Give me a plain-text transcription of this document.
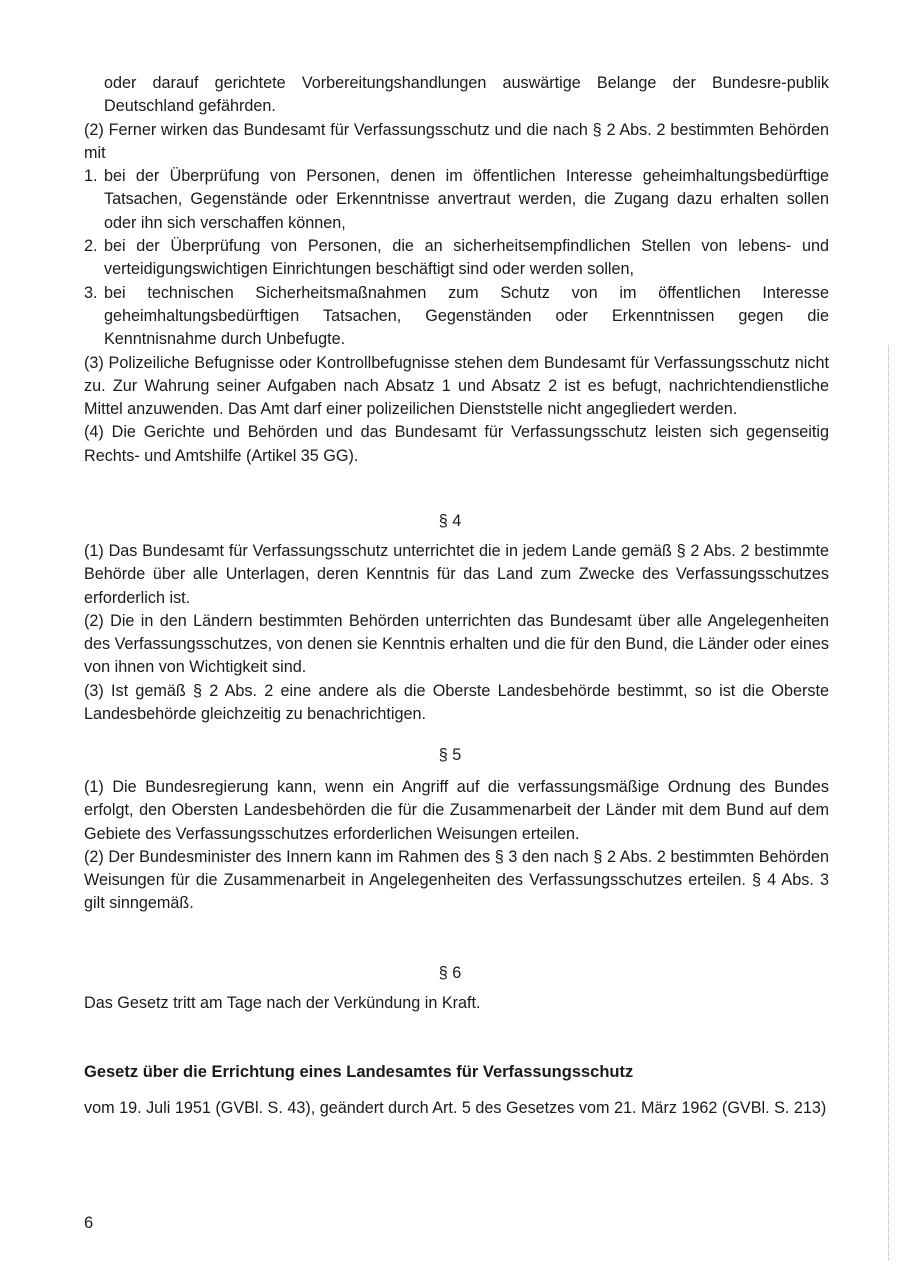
oder darauf gerichtete Vorbereitungshandlungen auswärtige Belange der Bundesre-publik Deutschland gefährden.

(2) Ferner wirken das Bundesamt für Verfassungsschutz und die nach § 2 Abs. 2 bestimmten Behörden mit

1. bei der Überprüfung von Personen, denen im öffentlichen Interesse geheimhaltungsbedürftige Tatsachen, Gegenstände oder Erkenntnisse anvertraut werden, die Zugang dazu erhalten sollen oder ihn sich verschaffen können,
2. bei der Überprüfung von Personen, die an sicherheitsempfindlichen Stellen von lebens- und verteidigungswichtigen Einrichtungen beschäftigt sind oder werden sollen,
3. bei technischen Sicherheitsmaßnahmen zum Schutz von im öffentlichen Interesse geheimhaltungsbedürftigen Tatsachen, Gegenständen oder Erkenntnissen gegen die Kenntnisnahme durch Unbefugte.

(3) Polizeiliche Befugnisse oder Kontrollbefugnisse stehen dem Bundesamt für Verfassungsschutz nicht zu. Zur Wahrung seiner Aufgaben nach Absatz 1 und Absatz 2 ist es befugt, nachrichtendienstliche Mittel anzuwenden. Das Amt darf einer polizeilichen Dienststelle nicht angegliedert werden.

(4) Die Gerichte und Behörden und das Bundesamt für Verfassungsschutz leisten sich gegenseitig Rechts- und Amtshilfe (Artikel 35 GG).

§ 4

(1) Das Bundesamt für Verfassungsschutz unterrichtet die in jedem Lande gemäß § 2 Abs. 2 bestimmte Behörde über alle Unterlagen, deren Kenntnis für das Land zum Zwecke des Verfassungsschutzes erforderlich ist.

(2) Die in den Ländern bestimmten Behörden unterrichten das Bundesamt über alle Angelegenheiten des Verfassungsschutzes, von denen sie Kenntnis erhalten und die für den Bund, die Länder oder eines von ihnen von Wichtigkeit sind.

(3) Ist gemäß § 2 Abs. 2 eine andere als die Oberste Landesbehörde bestimmt, so ist die Oberste Landesbehörde gleichzeitig zu benachrichtigen.

§ 5

(1) Die Bundesregierung kann, wenn ein Angriff auf die verfassungsmäßige Ordnung des Bundes erfolgt, den Obersten Landesbehörden die für die Zusammenarbeit der Länder mit dem Bund auf dem Gebiete des Verfassungsschutzes erforderlichen Weisungen erteilen.

(2) Der Bundesminister des Innern kann im Rahmen des § 3 den nach § 2 Abs. 2 bestimmten Behörden Weisungen für die Zusammenarbeit in Angelegenheiten des Verfassungsschutzes erteilen. § 4 Abs. 3 gilt sinngemäß.

§ 6

Das Gesetz tritt am Tage nach der Verkündung in Kraft.

Gesetz über die Errichtung eines Landesamtes für Verfassungsschutz
vom 19. Juli 1951 (GVBl. S. 43), geändert durch Art. 5 des Gesetzes vom 21. März 1962 (GVBl. S. 213)
6
